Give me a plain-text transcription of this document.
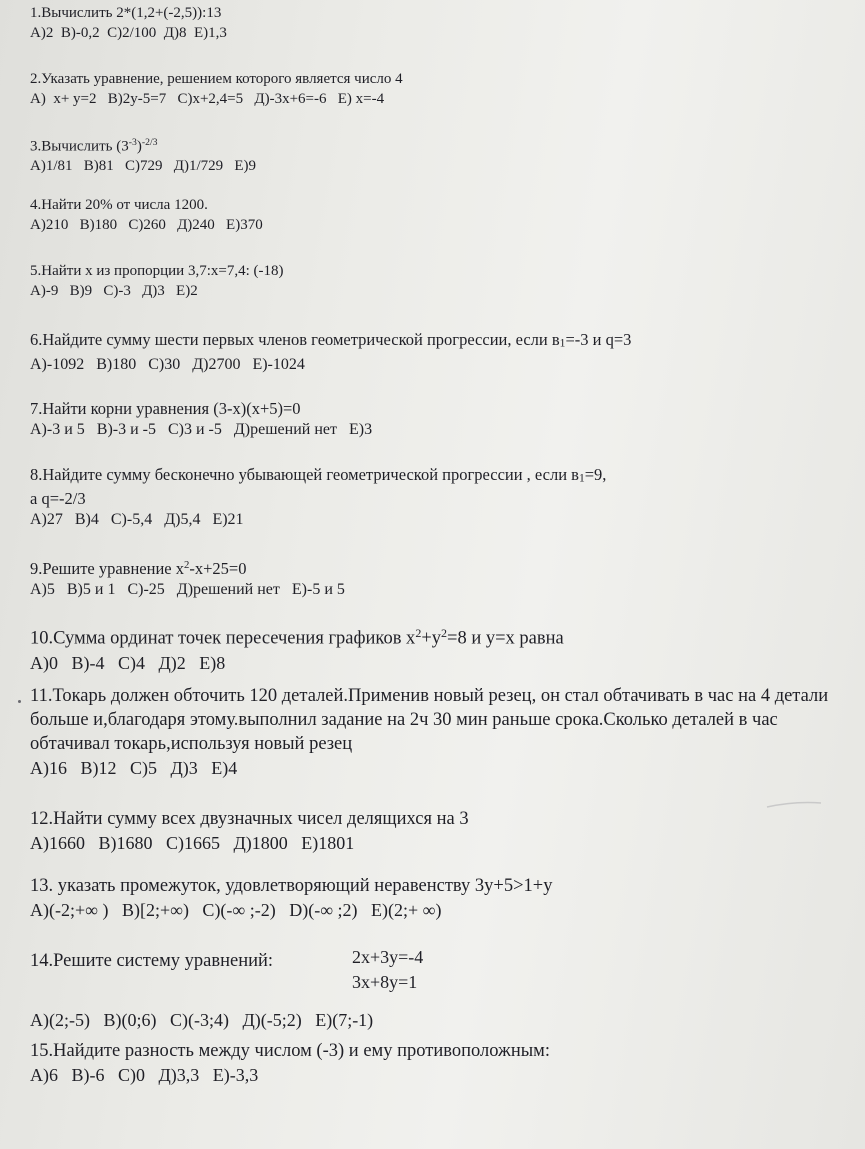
1.Вычислить 2*(1,2+(-2,5)):13
А)2  В)-0,2  С)2/100  Д)8  Е)1,3
2.Указать уравнение, решением которого является число 4
А)  х+ у=2   В)2у-5=7   С)х+2,4=5   Д)-3х+6=-6   Е) х=-4
3.Вычислить $(3^{-3})^{-2/3}$
А)1/81   В)81   С)729   Д)1/729   Е)9
4.Найти 20% от числа 1200.
А)210   В)180   С)260   Д)240   Е)370
5.Найти х из пропорции 3,7:х=7,4: (-18)
А)-9   В)9   С)-3   Д)3   Е)2
6.Найдите сумму шести первых членов геометрической прогрессии, если в1=-3 и q=3
А)-1092   В)180   С)30   Д)2700   Е)-1024
7.Найти корни уравнения (3-х)(х+5)=0
А)-3 и 5   В)-3 и -5   С)3 и -5   Д)решений нет   Е)3
8.Найдите сумму бесконечно убывающей геометрической прогрессии , если в1=9,
а q=-2/3
А)27   В)4   С)-5,4   Д)5,4   Е)21
9.Решите уравнение $х^2-х+25=0$
А)5   В)5 и 1   С)-25   Д)решений нет   Е)-5 и 5
10.Сумма ординат точек пересечения графиков $х^2+у^2=8$ и у=х равна
А)0   В)-4   С)4   Д)2   Е)8
11.Токарь должен обточить 120 деталей.Применив новый резец, он стал обтачивать в час на 4 детали больше и,благодаря этому.выполнил задание на 2ч 30 мин раньше срока.Сколько деталей в час обтачивал токарь,используя новый резец
А)16   В)12   С)5   Д)3   Е)4
12.Найти сумму всех двузначных чисел делящихся на 3
А)1660   В)1680   С)1665   Д)1800   Е)1801
13. указать промежуток, удовлетворяющий неравенству 3у+5>1+у
А)(-2;+∞ )   В)[2;+∞)   С)(-∞ ;-2)   D)(-∞ ;2)   Е)(2;+ ∞)
14.Решите систему уравнений:	2х+3у=-4
3х+8у=1
А)(2;-5)   В)(0;6)   С)(-3;4)   Д)(-5;2)   Е)(7;-1)
15.Найдите разность между числом (-3) и ему противоположным:
А)6   В)-6   С)0   Д)3,3   Е)-3,3
